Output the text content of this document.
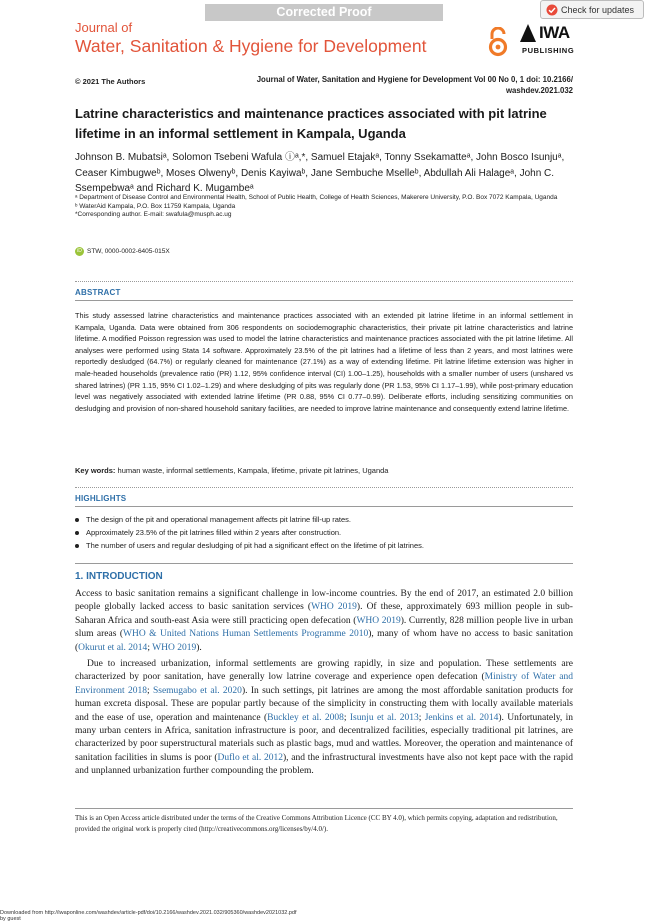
Corrected Proof	Check for updates
Journal of
Water, Sanitation & Hygiene for Development
IWA
PUBLISHING
© 2021 The Authors	Journal of Water, Sanitation and Hygiene for Development Vol 00 No 0, 1 doi: 10.2166/
washdev.2021.032
Latrine characteristics and maintenance practices associated with pit latrine lifetime in an informal settlement in Kampala, Uganda
Johnson B. Mubatsiᵃ, Solomon Tsebeni Wafula ⓘᵃ,*, Samuel Etajakᵃ, Tonny Ssekamatteᵃ, John Bosco Isunjuᵃ, Ceaser Kimbugweᵇ, Moses Olwenyᵇ, Denis Kayiwaᵇ, Jane Sembuche Mselleᵇ, Abdullah Ali Halageᵃ, John C. Ssempebwaᵃ and Richard K. Mugambeᵃ
ᵃ Department of Disease Control and Environmental Health, School of Public Health, College of Health Sciences, Makerere University, P.O. Box 7072 Kampala, Uganda
ᵇ WaterAid Kampala, P.O. Box 11759 Kampala, Uganda
*Corresponding author. E-mail: swafula@musph.ac.ug
iD STW, 0000-0002-6405-015X
ABSTRACT
This study assessed latrine characteristics and maintenance practices associated with an extended pit latrine lifetime in an informal settlement in Kampala, Uganda. Data were obtained from 306 respondents on sociodemographic characteristics, their private pit latrine characteristics and latrine lifetime. A modified Poisson regression was used to model the latrine characteristics and maintenance practices associated with the pit latrine lifetime. All analyses were performed using Stata 14 software. Approximately 23.5% of the pit latrines had a lifetime of less than 2 years, and most latrines were reportedly desludged (64.7%) or regularly cleaned for maintenance (27.1%) as a way of extending lifetime. Pit latrine lifetime extension was higher in male-headed households (prevalence ratio (PR) 1.12, 95% confidence interval (CI) 1.00–1.25), households with a smaller number of users (unshared vs shared latrines) (PR 1.15, 95% CI 1.02–1.29) and where desludging of pits was regularly done (PR 1.53, 95% CI 1.17–1.99), while post-primary education level was negatively associated with extended latrine lifetime (PR 0.88, 95% CI 0.77–0.99). Deliberate efforts, including sensitizing communities on desludging and provision of non-shared household sanitary facilities, are needed to improve latrine maintenance and consequently extend latrine lifetime.
Key words: human waste, informal settlements, Kampala, lifetime, private pit latrines, Uganda
HIGHLIGHTS
The design of the pit and operational management affects pit latrine fill-up rates.
Approximately 23.5% of the pit latrines filled within 2 years after construction.
The number of users and regular desludging of pit had a significant effect on the lifetime of pit latrines.
1. INTRODUCTION
Access to basic sanitation remains a significant challenge in low-income countries. By the end of 2017, an estimated 2.0 billion people globally lacked access to basic sanitation services (WHO 2019). Of these, approximately 693 million people in sub-Saharan Africa and south-east Asia were still practicing open defecation (WHO 2019). Currently, 828 million people live in urban slum areas (WHO & United Nations Human Settlements Programme 2010), many of whom have no access to basic sanitation (Okurut et al. 2014; WHO 2019).
Due to increased urbanization, informal settlements are growing rapidly, in size and population. These settlements are characterized by poor sanitation, have generally low latrine coverage and experience open defecation (Ministry of Water and Environment 2018; Ssemugabo et al. 2020). In such settings, pit latrines are among the most affordable sanitation products for human excreta disposal. These are popular partly because of the simplicity in constructing them with locally available materials and the ease of use, operation and maintenance (Buckley et al. 2008; Isunju et al. 2013; Jenkins et al. 2014). Unfortunately, in many urban centers in Africa, sanitation infrastructure is poor, and decentralized facilities, especially traditional pit latrines, are characterized by poor superstructural materials such as plastic bags, mud and wattles. Moreover, the operation and maintenance of sanitation facilities in slums is poor (Duflo et al. 2012), and the infrastructural investments have also not kept pace with the rapid and unplanned urbanization further compounding the problem.
This is an Open Access article distributed under the terms of the Creative Commons Attribution Licence (CC BY 4.0), which permits copying, adaptation and redistribution, provided the original work is properly cited (http://creativecommons.org/licenses/by/4.0/).
Downloaded from http://iwaponline.com/washdev/article-pdf/doi/10.2166/washdev.2021.032/905360/washdev2021032.pdf
by guest
